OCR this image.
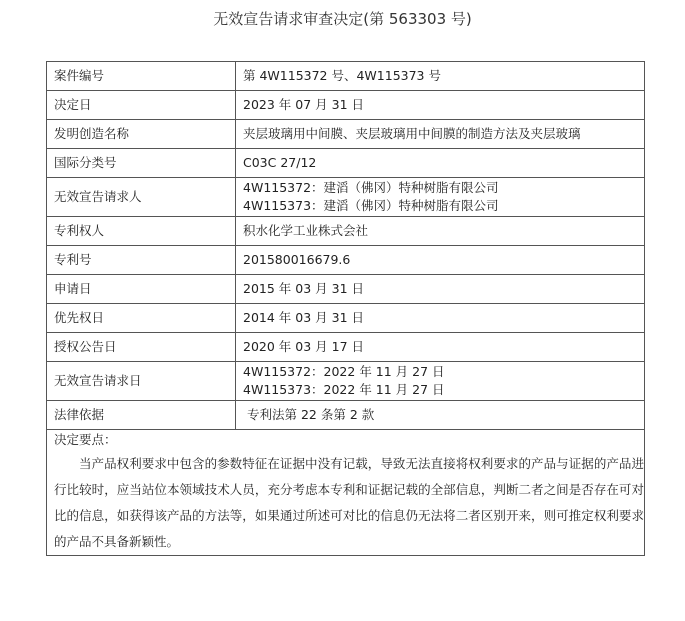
无效宣告请求审查决定(第 563303 号)
案件编号	第 4W115372 号、4W115373 号

决定日	2023 年 07 月 31 日

发明创造名称	夹层玻璃用中间膜、夹层玻璃用中间膜的制造方法及夹层玻璃

国际分类号	C03C 27/12

无效宣告请求人	4W115372：建滔（佛冈）特种树脂有限公司
4W115373：建滔（佛冈）特种树脂有限公司

专利权人	积水化学工业株式会社

专利号	201580016679.6

申请日	2015 年 03 月 31 日

优先权日	2014 年 03 月 31 日

授权公告日	2020 年 03 月 17 日

无效宣告请求日	4W115372：2022 年 11 月 27 日
4W115373：2022 年 11 月 27 日

法律依据	专利法第 22 条第 2 款

决定要点：
当产品权利要求中包含的参数特征在证据中没有记载，导致无法直接将权利要求的产品与证据的产品进行比较时，应当站位本领域技术人员，充分考虑本专利和证据记载的全部信息，判断二者之间是否存在可对比的信息，如获得该产品的方法等，如果通过所述可对比的信息仍无法将二者区别开来，则可推定权利要求的产品不具备新颖性。	
